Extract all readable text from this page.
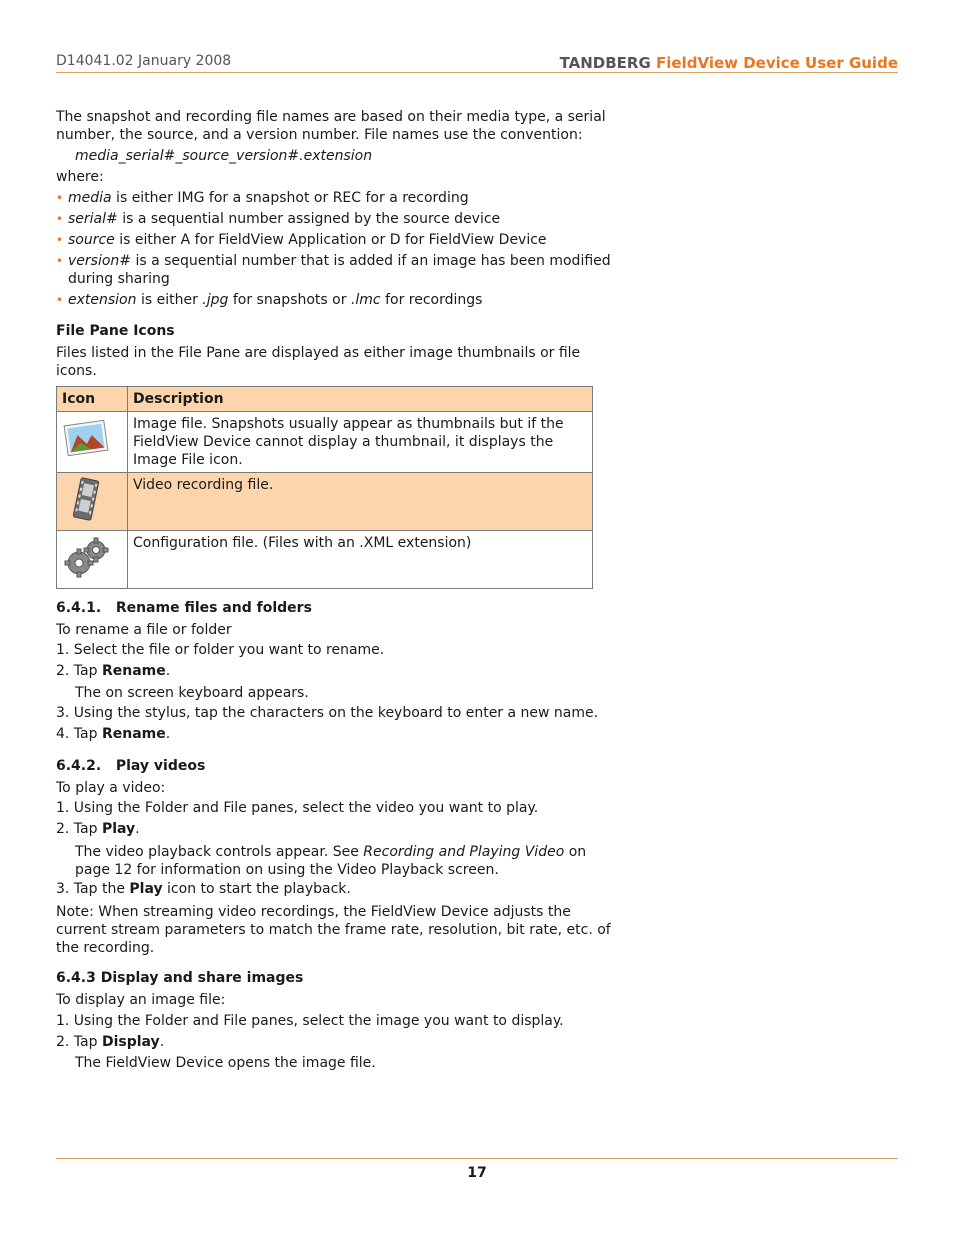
D14041.02 January 2008	TANDBERG FieldView Device User Guide

The snapshot and recording file names are based on their media type, a serial number, the source, and a version number. File names use the convention:

media_serial#_source_version#.extension

where:

• media is either IMG for a snapshot or REC for a recording
• serial# is a sequential number assigned by the source device
• source is either A for FieldView Application or D for FieldView Device
• version# is a sequential number that is added if an image has been modified during sharing
• extension is either .jpg for snapshots or .lmc for recordings
File Pane Icons

Files listed in the File Pane are displayed as either image thumbnails or file icons.

Icon	Description
	Image file. Snapshots usually appear as thumbnails but if the FieldView Device cannot display a thumbnail, it displays the Image File icon.
	Video recording file.
	Configuration file. (Files with an .XML extension)
6.4.1. Rename files and folders

To rename a file or folder

1. Select the file or folder you want to rename.

2. Tap Rename.

The on screen keyboard appears.

3. Using the stylus, tap the characters on the keyboard to enter a new name.

4. Tap Rename.

6.4.2. Play videos

To play a video:

1. Using the Folder and File panes, select the video you want to play.

2. Tap Play.

The video playback controls appear. See Recording and Playing Video on page 12 for information on using the Video Playback screen.

3. Tap the Play icon to start the playback.

Note: When streaming video recordings, the FieldView Device adjusts the current stream parameters to match the frame rate, resolution, bit rate, etc. of the recording.

6.4.3 Display and share images

To display an image file:

1. Using the Folder and File panes, select the image you want to display.

2. Tap Display.

The FieldView Device opens the image file.

17
